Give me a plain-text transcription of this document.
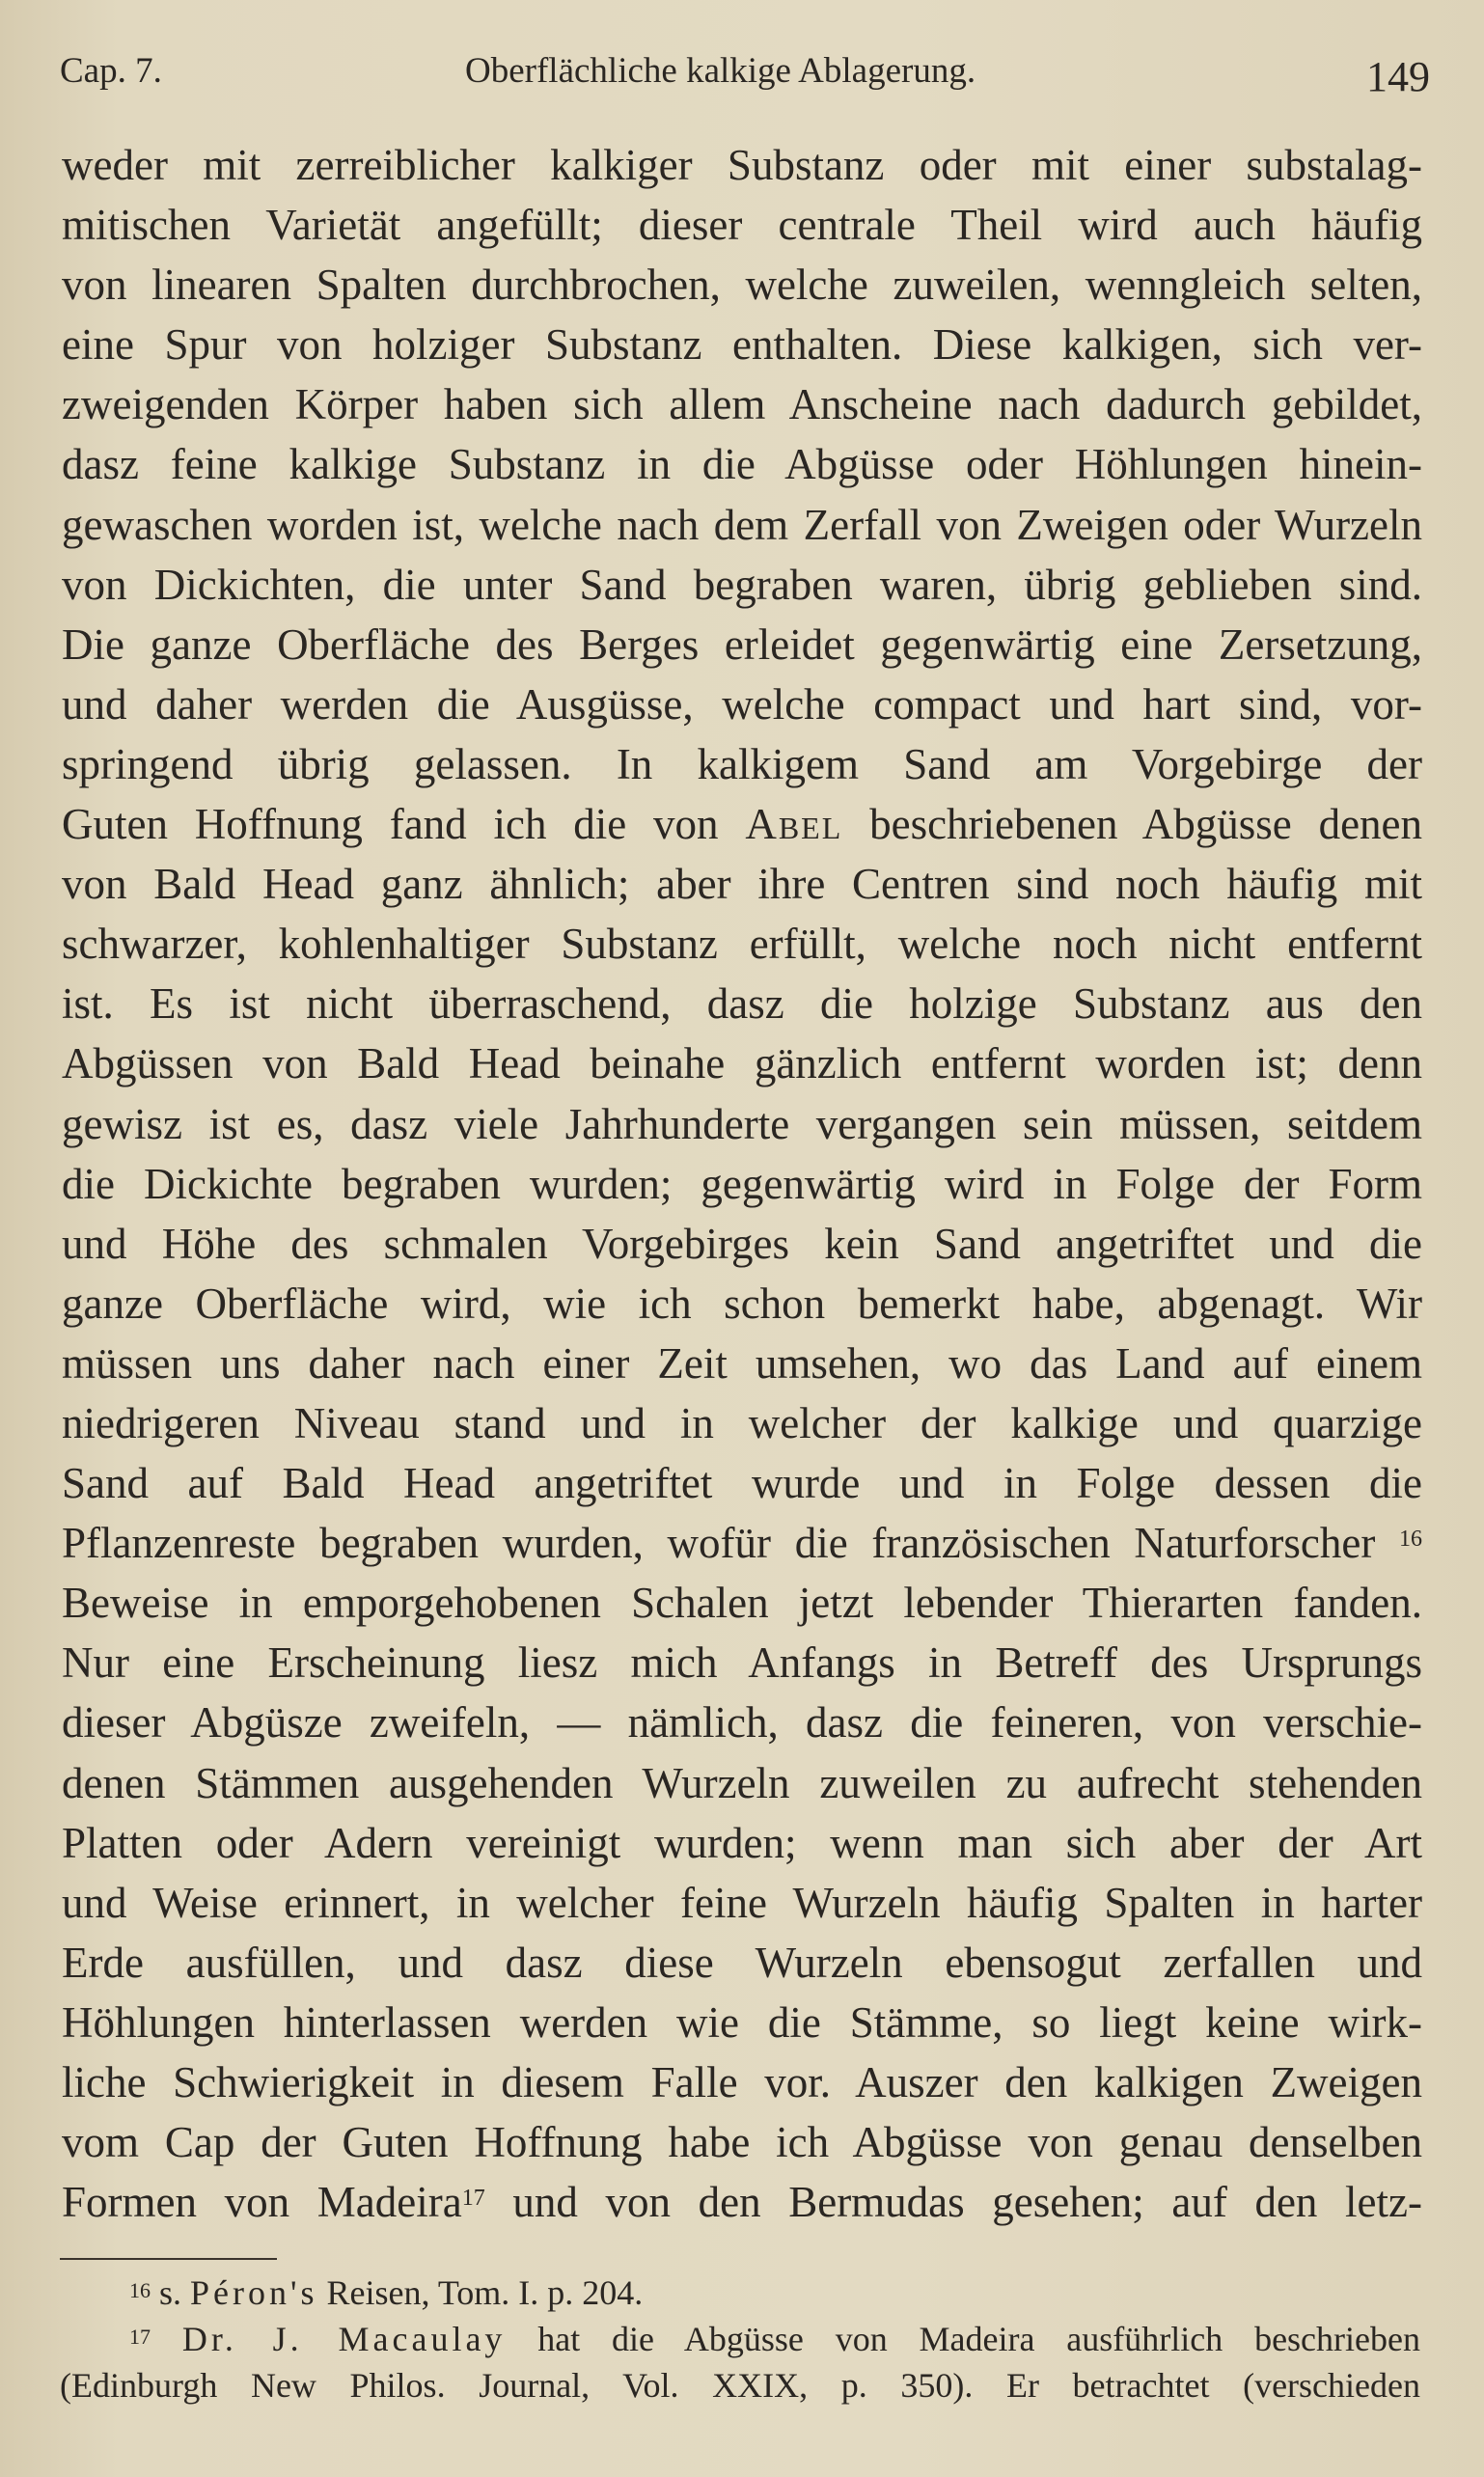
Cap. 7.	Oberflächliche kalkige Ablagerung.	149
weder mit zerreiblicher kalkiger Substanz oder mit einer substalag-
mitischen Varietät angefüllt; dieser centrale Theil wird auch häufig
von linearen Spalten durchbrochen, welche zuweilen, wenngleich selten,
eine Spur von holziger Substanz enthalten. Diese kalkigen, sich ver-
zweigenden Körper haben sich allem Anscheine nach dadurch gebildet,
dasz feine kalkige Substanz in die Abgüsse oder Höhlungen hinein-
gewaschen worden ist, welche nach dem Zerfall von Zweigen oder Wurzeln
von Dickichten, die unter Sand begraben waren, übrig geblieben sind.
Die ganze Oberfläche des Berges erleidet gegenwärtig eine Zersetzung,
und daher werden die Ausgüsse, welche compact und hart sind, vor-
springend übrig gelassen. In kalkigem Sand am Vorgebirge der
Guten Hoffnung fand ich die von Abel beschriebenen Abgüsse denen
von Bald Head ganz ähnlich; aber ihre Centren sind noch häufig mit
schwarzer, kohlenhaltiger Substanz erfüllt, welche noch nicht entfernt
ist. Es ist nicht überraschend, dasz die holzige Substanz aus den
Abgüssen von Bald Head beinahe gänzlich entfernt worden ist; denn
gewisz ist es, dasz viele Jahrhunderte vergangen sein müssen, seitdem
die Dickichte begraben wurden; gegenwärtig wird in Folge der Form
und Höhe des schmalen Vorgebirges kein Sand angetriftet und die
ganze Oberfläche wird, wie ich schon bemerkt habe, abgenagt. Wir
müssen uns daher nach einer Zeit umsehen, wo das Land auf einem
niedrigeren Niveau stand und in welcher der kalkige und quarzige
Sand auf Bald Head angetriftet wurde und in Folge dessen die
Pflanzenreste begraben wurden, wofür die französischen Naturforscher $^{16}$
Beweise in emporgehobenen Schalen jetzt lebender Thierarten fanden.
Nur eine Erscheinung liesz mich Anfangs in Betreff des Ursprungs
dieser Abgüsze zweifeln, — nämlich, dasz die feineren, von verschie-
denen Stämmen ausgehenden Wurzeln zuweilen zu aufrecht stehenden
Platten oder Adern vereinigt wurden; wenn man sich aber der Art
und Weise erinnert, in welcher feine Wurzeln häufig Spalten in harter
Erde ausfüllen, und dasz diese Wurzeln ebensogut zerfallen und
Höhlungen hinterlassen werden wie die Stämme, so liegt keine wirk-
liche Schwierigkeit in diesem Falle vor. Auszer den kalkigen Zweigen
vom Cap der Guten Hoffnung habe ich Abgüsse von genau denselben
Formen von Madeira$^{17}$ und von den Bermudas gesehen; auf den letz-
$^{16}$ s. Péron's Reisen, Tom. I. p. 204.
$^{17}$ Dr. J. Macaulay hat die Abgüsse von Madeira ausführlich beschrieben
(Edinburgh New Philos. Journal, Vol. XXIX, p. 350). Er betrachtet (verschieden
